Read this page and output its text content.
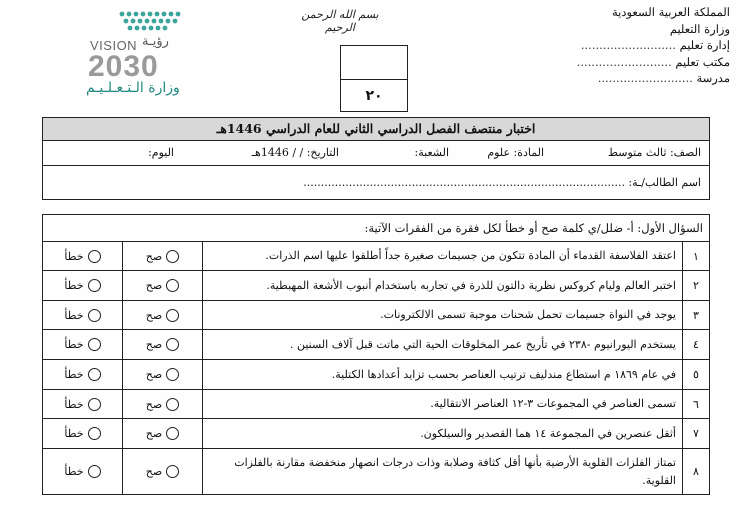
المملكة العربية السعودية
وزارة التعليم
إدارة تعليم ..........................
مكتب تعليم ..........................
مدرسة ..........................
بسم الله الرحمن الرحيم
٢٠
VISION رؤيـة
2030
وزارة الـتـعـلـيـم
اختبار منتصف الفصل الدراسي الثاني للعام الدراسي 1446هـ
الصف: ثالث متوسط
المادة: علوم
الشعبة:
التاريخ: / / 1446هـ
اليوم:
اسم الطالب/ـة: ............................................................................................
السؤال الأول: أ- ضلل/ي كلمة صح أو خطأ لكل فقرة من الفقرات الآتية:
١
اعتقد الفلاسفة القدماء أن المادة تتكون من جسيمات صغيرة جداً أطلقوا عليها اسم الذرات.
صح
خطأ
٢
اختبر العالم وليام كروكس نظرية دالتون للذرة في تجاربه باستخدام أنبوب الأشعة المهبطية.
صح
خطأ
٣
يوجد في النواة جسيمات تحمل شحنات موجبة تسمى الالكترونات.
صح
خطأ
٤
يستخدم اليورانيوم -٢٣٨ في تأريخ عمر المخلوقات الحية التي ماتت قبل آلاف السنين .
صح
خطأ
٥
في عام ١٨٦٩ م استطاع مندليف ترتيب العناصر بحسب تزايد أعدادها الكتلية.
صح
خطأ
٦
تسمى العناصر في المجموعات ٣-١٢ العناصر الانتقالية.
صح
خطأ
٧
أثقل عنصرين في المجموعة ١٤ هما القصدير والسيلكون.
صح
خطأ
٨
تمتاز الفلزات القلوية الأرضية بأنها أقل كثافة وصلابة وذات درجات انصهار منخفضة مقارنة بالفلزات القلوية.
صح
خطأ
